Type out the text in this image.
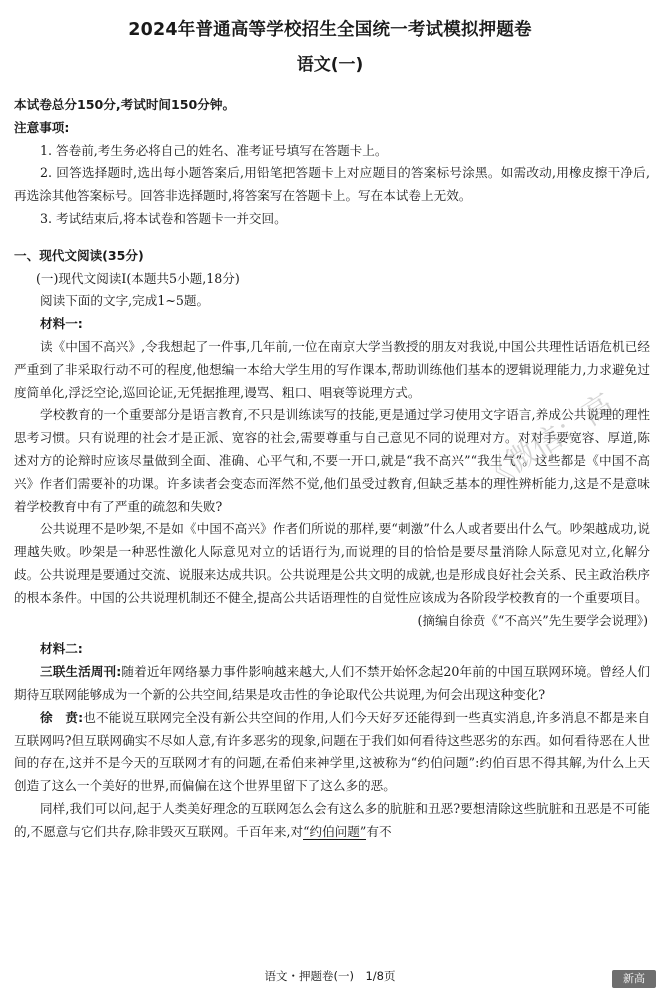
2024年普通高等学校招生全国统一考试模拟押题卷
语文(一)

本试卷总分150分,考试时间150分钟。

注意事项:

1. 答卷前,考生务必将自己的姓名、准考证号填写在答题卡上。

2. 回答选择题时,选出每小题答案后,用铅笔把答题卡上对应题目的答案标号涂黑。如需改动,用橡皮擦干净后,再选涂其他答案标号。回答非选择题时,将答案写在答题卡上。写在本试卷上无效。

3. 考试结束后,将本试卷和答题卡一并交回。

一、现代文阅读(35分)

(一)现代文阅读Ⅰ(本题共5小题,18分)

阅读下面的文字,完成1~5题。

材料一:

读《中国不高兴》,令我想起了一件事,几年前,一位在南京大学当教授的朋友对我说,中国公共理性话语危机已经严重到了非采取行动不可的程度,他想编一本给大学生用的写作课本,帮助训练他们基本的逻辑说理能力,力求避免过度简单化,浮泛空论,巡回论证,无凭据推理,谩骂、粗口、唱衰等说理方式。

学校教育的一个重要部分是语言教育,不只是训练读写的技能,更是通过学习使用文字语言,养成公共说理的理性思考习惯。只有说理的社会才是正派、宽容的社会,需要尊重与自己意见不同的说理对方。对对手要宽容、厚道,陈述对方的论辩时应该尽量做到全面、准确、心平气和,不要一开口,就是“我不高兴”“我生气”。这些都是《中国不高兴》作者们需要补的功课。许多读者会变态而浑然不觉,他们虽受过教育,但缺乏基本的理性辨析能力,这是不是意味着学校教育中有了严重的疏忽和失败?

公共说理不是吵架,不是如《中国不高兴》作者们所说的那样,要“刺激”什么人或者要出什么气。吵架越成功,说理越失败。吵架是一种恶性激化人际意见对立的话语行为,而说理的目的恰恰是要尽量消除人际意见对立,化解分歧。公共说理是要通过交流、说服来达成共识。公共说理是公共文明的成就,也是形成良好社会关系、民主政治秩序的根本条件。中国的公共说理机制还不健全,提高公共话语理性的自觉性应该成为各阶段学校教育的一个重要项目。

(摘编自徐贲《“不高兴”先生要学会说理》)

材料二:

三联生活周刊:随着近年网络暴力事件影响越来越大,人们不禁开始怀念起20年前的中国互联网环境。曾经人们期待互联网能够成为一个新的公共空间,结果是攻击性的争论取代公共说理,为何会出现这种变化?

徐　贲:也不能说互联网完全没有新公共空间的作用,人们今天好歹还能得到一些真实消息,许多消息不都是来自互联网吗?但互联网确实不尽如人意,有许多恶劣的现象,问题在于我们如何看待这些恶劣的东西。如何看待恶在人世间的存在,这并不是今天的互联网才有的问题,在希伯来神学里,这被称为“约伯问题”:约伯百思不得其解,为什么上天创造了这么一个美好的世界,而偏偏在这个世界里留下了这么多的恶。

同样,我们可以问,起于人类美好理念的互联网怎么会有这么多的肮脏和丑恶?要想清除这些肮脏和丑恶是不可能的,不愿意与它们共存,除非毁灭互联网。千百年来,对“约伯问题”有不

《微信：高
语文・押题卷(一)　1/8页	新高
